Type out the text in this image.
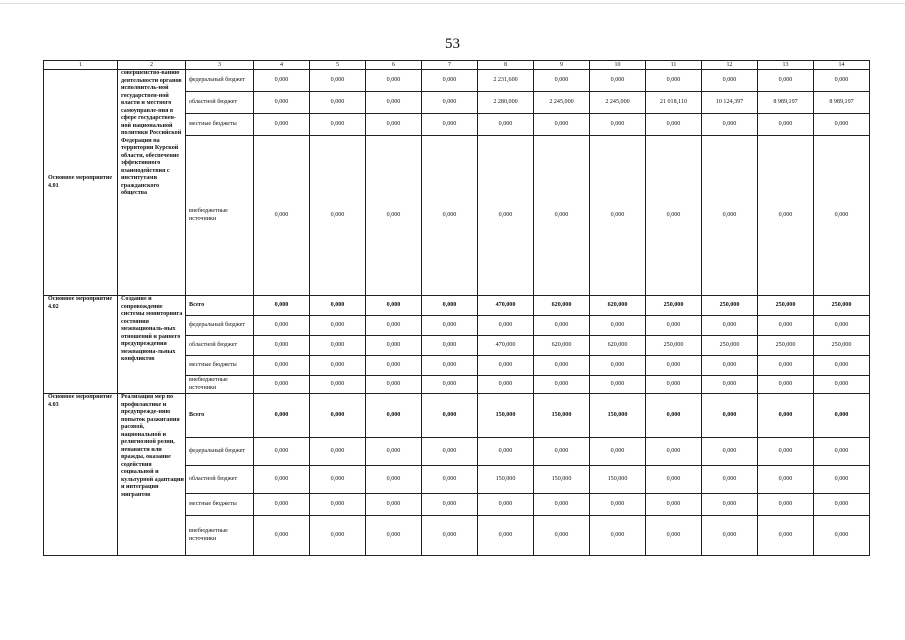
53
1	2	3	4	5	6	7	8	9	10	11	12	13	14
Основное мероприятие 4.01	совершенство-ванию деятельности органов исполнитель-ной государствен-ной власти и местного самоуправле-ния в сфере государствен-ной национальной политики Российской Федерации на территории Курской области, обеспечение эффективного взаимодействия с институтами гражданского общества	федеральный бюджет	0,000	0,000	0,000	0,000	2 231,600	0,000	0,000	0,000	0,000	0,000	0,000
		областной бюджет	0,000	0,000	0,000	0,000	2 280,000	2 245,000	2 245,000	21 018,110	10 124,397	8 989,197	8 989,197
		местные бюджеты	0,000	0,000	0,000	0,000	0,000	0,000	0,000	0,000	0,000	0,000	0,000
		внебюджетные источники	0,000	0,000	0,000	0,000	0,000	0,000	0,000	0,000	0,000	0,000	0,000
Основное мероприятие 4.02	Создание и сопровождение системы мониторинга состояния межнациональ-ных отношений и раннего предупреждения межнациона-льных конфликтов	Всего	0,000	0,000	0,000	0,000	470,000	620,000	620,000	250,000	250,000	250,000	250,000
		федеральный бюджет	0,000	0,000	0,000	0,000	0,000	0,000	0,000	0,000	0,000	0,000	0,000
		областной бюджет	0,000	0,000	0,000	0,000	470,000	620,000	620,000	250,000	250,000	250,000	250,000
		местные бюджеты	0,000	0,000	0,000	0,000	0,000	0,000	0,000	0,000	0,000	0,000	0,000
		внебюджетные источники	0,000	0,000	0,000	0,000	0,000	0,000	0,000	0,000	0,000	0,000	0,000
Основное мероприятие 4.03	Реализация мер по профилактике и предупрежде-нию попыток разжигания расовой, национальной и религиозной розни, ненависти или вражды, оказание содействия социальной и культурной адаптации и интеграции мигрантов	Всего	0,000	0,000	0,000	0,000	150,000	150,000	150,000	0,000	0,000	0,000	0,000
		федеральный бюджет	0,000	0,000	0,000	0,000	0,000	0,000	0,000	0,000	0,000	0,000	0,000
		областной бюджет	0,000	0,000	0,000	0,000	150,000	150,000	150,000	0,000	0,000	0,000	0,000
		местные бюджеты	0,000	0,000	0,000	0,000	0,000	0,000	0,000	0,000	0,000	0,000	0,000
		внебюджетные источники	0,000	0,000	0,000	0,000	0,000	0,000	0,000	0,000	0,000	0,000	0,000
